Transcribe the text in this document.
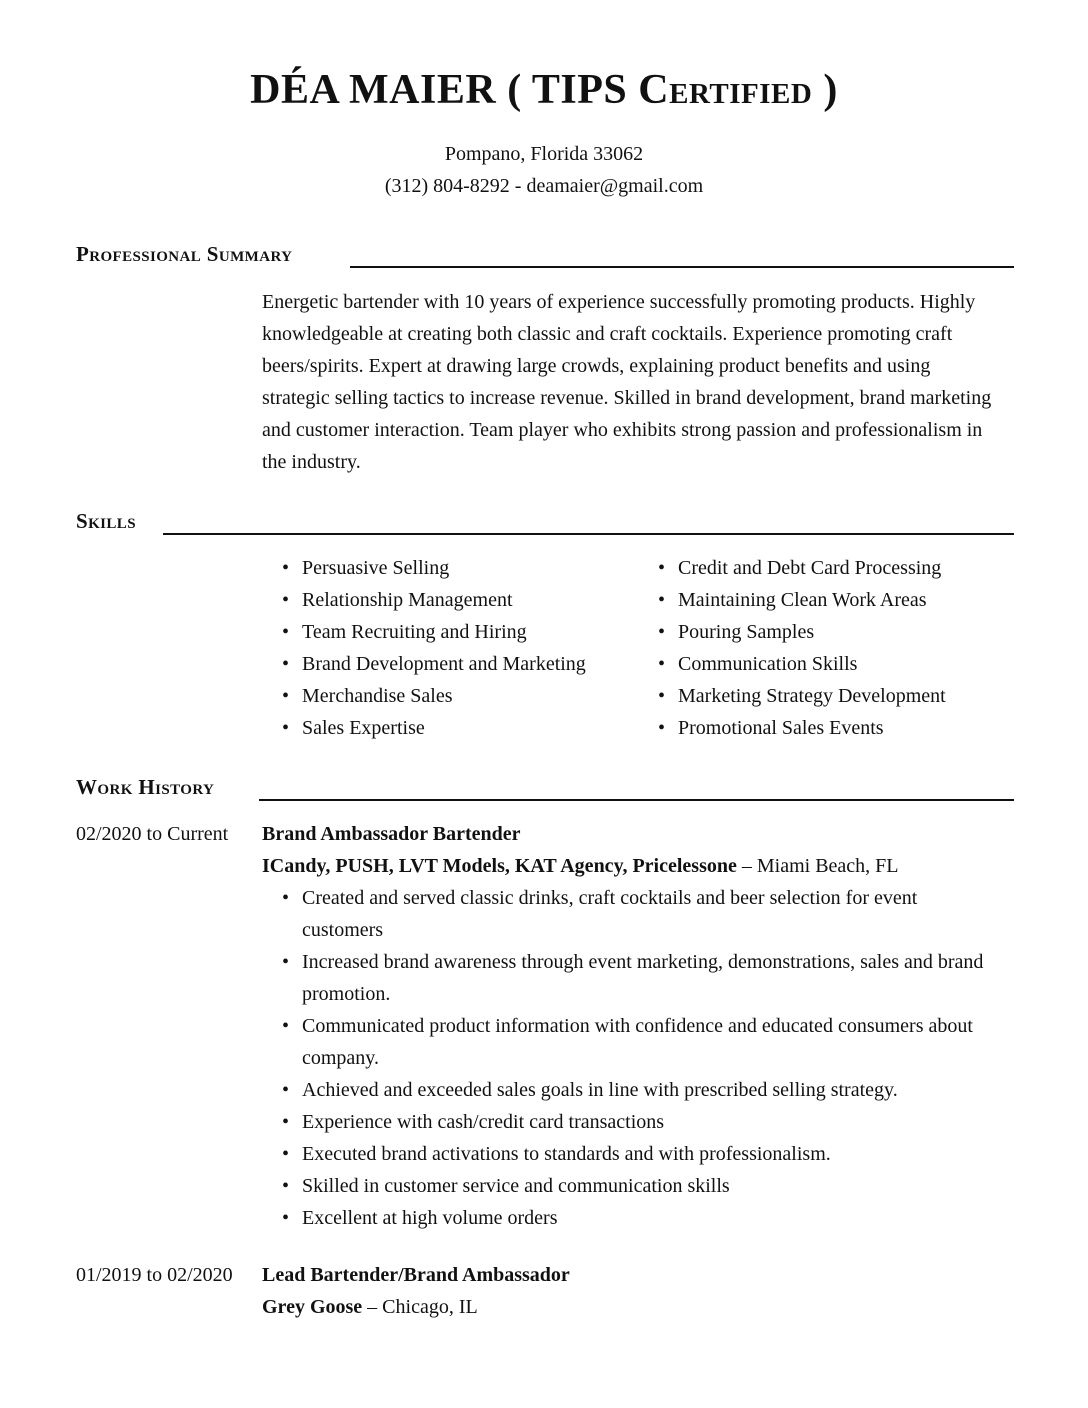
DÉA MAIER ( TIPS Certified )
Pompano, Florida 33062
(312) 804-8292 - deamaier@gmail.com
Professional Summary
Energetic bartender with 10 years of experience successfully promoting products. Highly knowledgeable at creating both classic and craft cocktails. Experience promoting craft beers/spirits. Expert at drawing large crowds, explaining product benefits and using strategic selling tactics to increase revenue. Skilled in brand development, brand marketing and customer interaction. Team player who exhibits strong passion and professionalism in the industry.
Skills
• Persuasive Selling
• Relationship Management
• Team Recruiting and Hiring
• Brand Development and Marketing
• Merchandise Sales
• Sales Expertise
• Credit and Debt Card Processing
• Maintaining Clean Work Areas
• Pouring Samples
• Communication Skills
• Marketing Strategy Development
• Promotional Sales Events
Work History
02/2020 to Current Brand Ambassador Bartender
ICandy, PUSH, LVT Models, KAT Agency, Pricelessone – Miami Beach, FL
• Created and served classic drinks, craft cocktails and beer selection for event customers
• Increased brand awareness through event marketing, demonstrations, sales and brand promotion.
• Communicated product information with confidence and educated consumers about company.
• Achieved and exceeded sales goals in line with prescribed selling strategy.
• Experience with cash/credit card transactions
• Executed brand activations to standards and with professionalism.
• Skilled in customer service and communication skills
• Excellent at high volume orders
01/2019 to 02/2020 Lead Bartender/Brand Ambassador
Grey Goose – Chicago, IL
